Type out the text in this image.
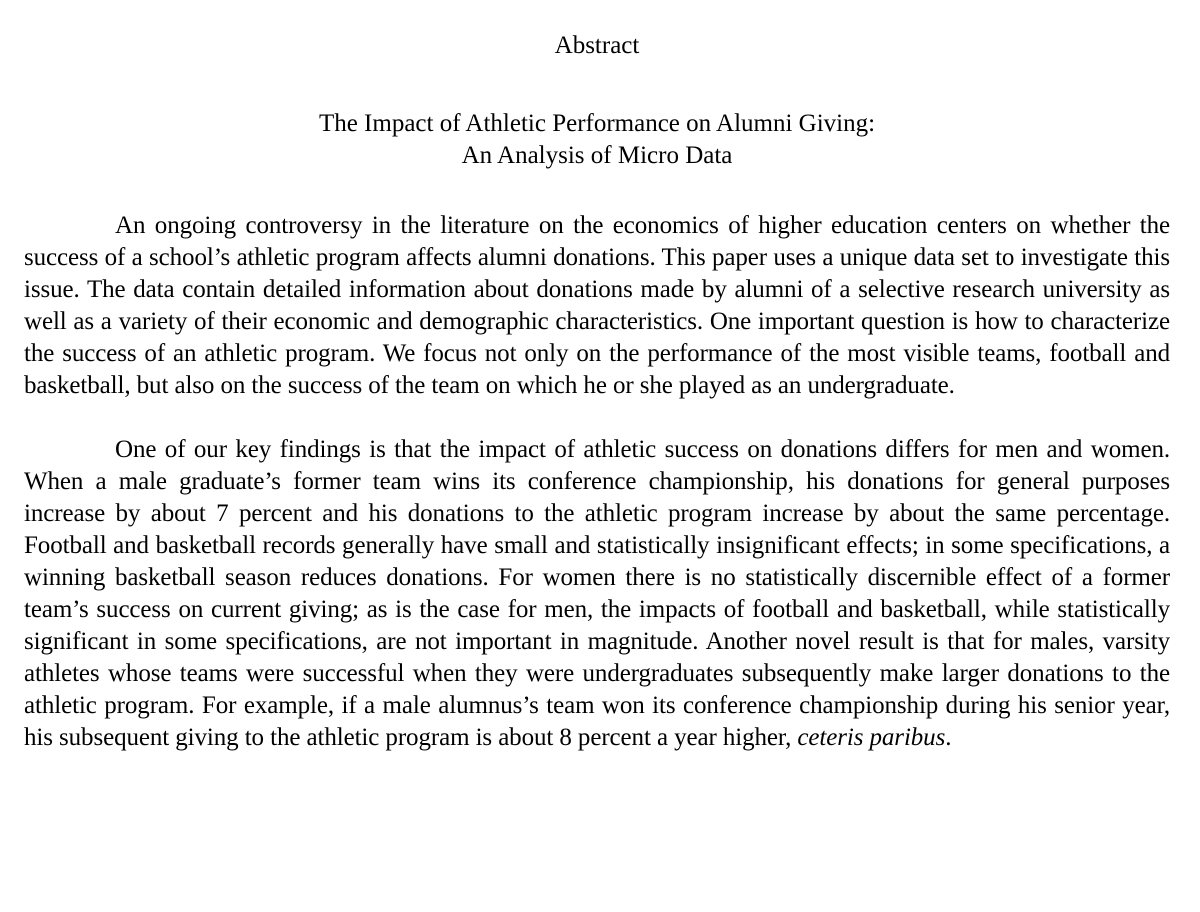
Abstract
The Impact of Athletic Performance on Alumni Giving:
An Analysis of Micro Data

An ongoing controversy in the literature on the economics of higher education centers on whether the success of a school’s athletic program affects alumni donations. This paper uses a unique data set to investigate this issue. The data contain detailed information about donations made by alumni of a selective research university as well as a variety of their economic and demographic characteristics. One important question is how to characterize the success of an athletic program. We focus not only on the performance of the most visible teams, football and basketball, but also on the success of the team on which he or she played as an undergraduate.

One of our key findings is that the impact of athletic success on donations differs for men and women. When a male graduate’s former team wins its conference championship, his donations for general purposes increase by about 7 percent and his donations to the athletic program increase by about the same percentage. Football and basketball records generally have small and statistically insignificant effects; in some specifications, a winning basketball season reduces donations. For women there is no statistically discernible effect of a former team’s success on current giving; as is the case for men, the impacts of football and basketball, while statistically significant in some specifications, are not important in magnitude. Another novel result is that for males, varsity athletes whose teams were successful when they were undergraduates subsequently make larger donations to the athletic program. For example, if a male alumnus’s team won its conference championship during his senior year, his subsequent giving to the athletic program is about 8 percent a year higher, ceteris paribus.
